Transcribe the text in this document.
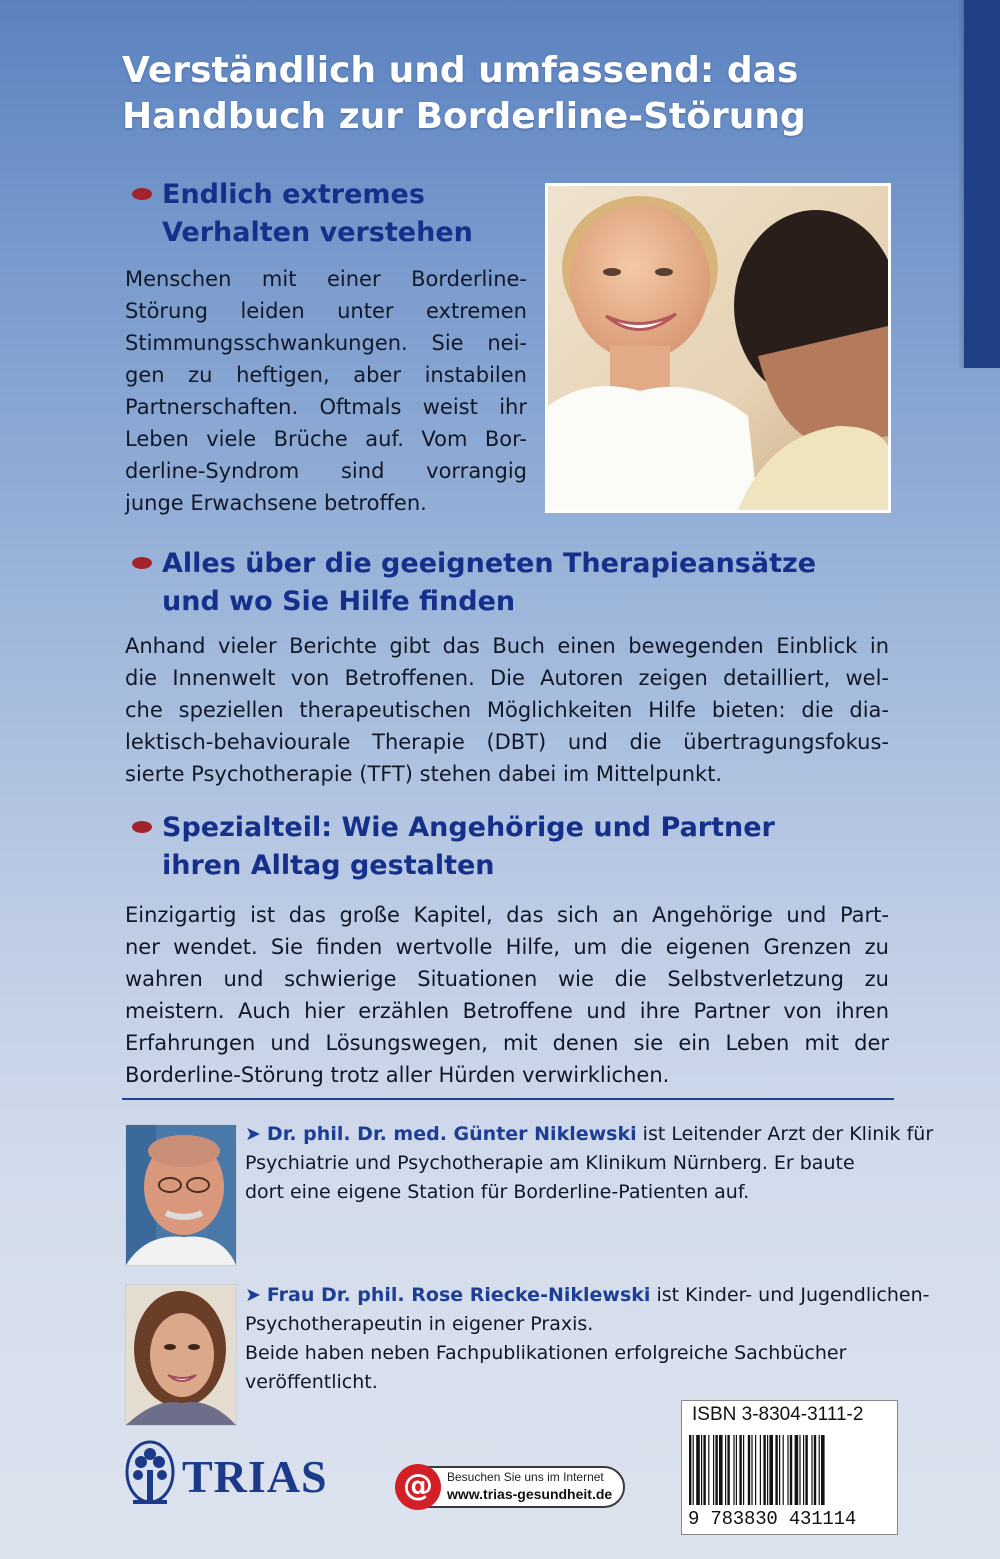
Verständlich und umfassend: das
Handbuch zur Borderline-Störung
Endlich extremes
Verhalten verstehen
Menschen mit einer Borderline-
Störung leiden unter extremen
Stimmungsschwankungen. Sie nei-
gen zu heftigen, aber instabilen
Partnerschaften. Oftmals weist ihr
Leben viele Brüche auf. Vom Bor-
derline-Syndrom sind vorrangig
junge Erwachsene betroffen.
Alles über die geeigneten Therapieansätze
und wo Sie Hilfe finden
Anhand vieler Berichte gibt das Buch einen bewegenden Einblick in
die Innenwelt von Betroffenen. Die Autoren zeigen detailliert, wel-
che speziellen therapeutischen Möglichkeiten Hilfe bieten: die dia-
lektisch-behaviourale Therapie (DBT) und die übertragungsfokus-
sierte Psychotherapie (TFT) stehen dabei im Mittelpunkt.
Spezialteil: Wie Angehörige und Partner
ihren Alltag gestalten
Einzigartig ist das große Kapitel, das sich an Angehörige und Part-
ner wendet. Sie finden wertvolle Hilfe, um die eigenen Grenzen zu
wahren und schwierige Situationen wie die Selbstverletzung zu
meistern. Auch hier erzählen Betroffene und ihre Partner von ihren
Erfahrungen und Lösungswegen, mit denen sie ein Leben mit der
Borderline-Störung trotz aller Hürden verwirklichen.

➤ Dr. phil. Dr. med. Günter Niklewski ist Leitender Arzt der Klinik für
Psychiatrie und Psychotherapie am Klinikum Nürnberg. Er baute
dort eine eigene Station für Borderline-Patienten auf.

➤ Frau Dr. phil. Rose Riecke-Niklewski ist Kinder- und Jugendlichen-
Psychotherapeutin in eigener Praxis.
Beide haben neben Fachpublikationen erfolgreiche Sachbücher
veröffentlicht.

TRIAS	@	Besuchen Sie uns im Internet
www.trias-gesundheit.de
ISBN 3-8304-3111-2
9 783830 431114
